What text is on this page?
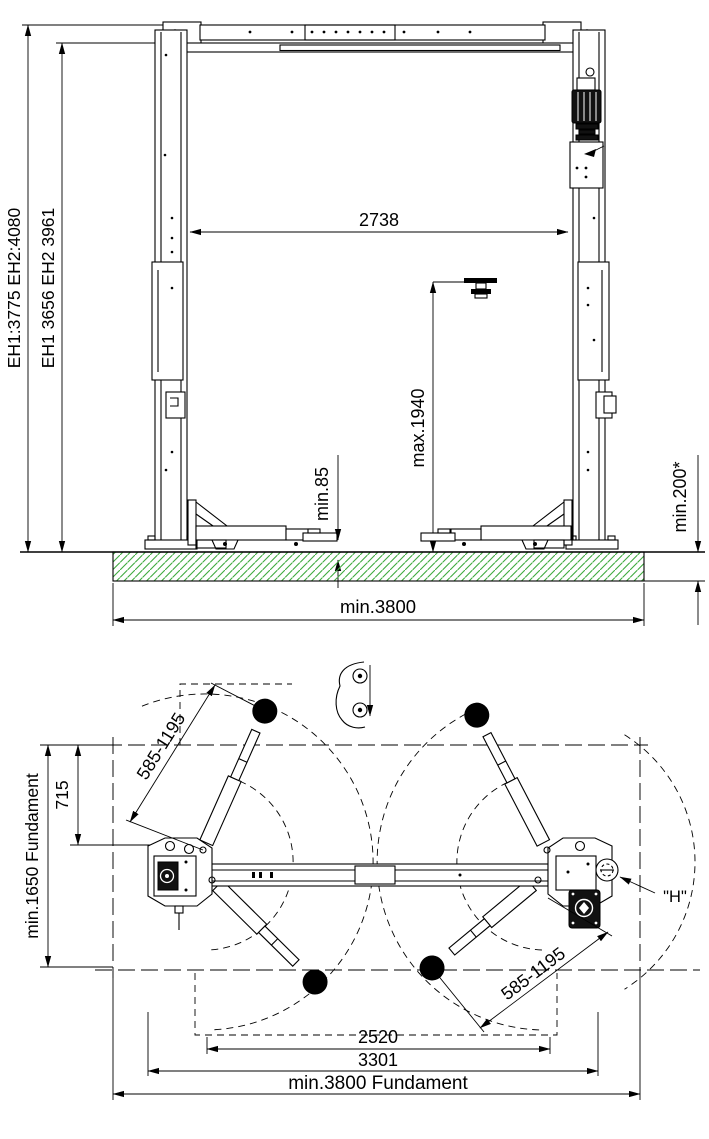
EH1:3775 EH2:4080 EH1 3656 EH2 3961	2738
max.1940
min.85	min.200*
min.3800
585-1195
585-1195
715
min.1650 Fundament	"H"
2520
3301
min.3800 Fundament
